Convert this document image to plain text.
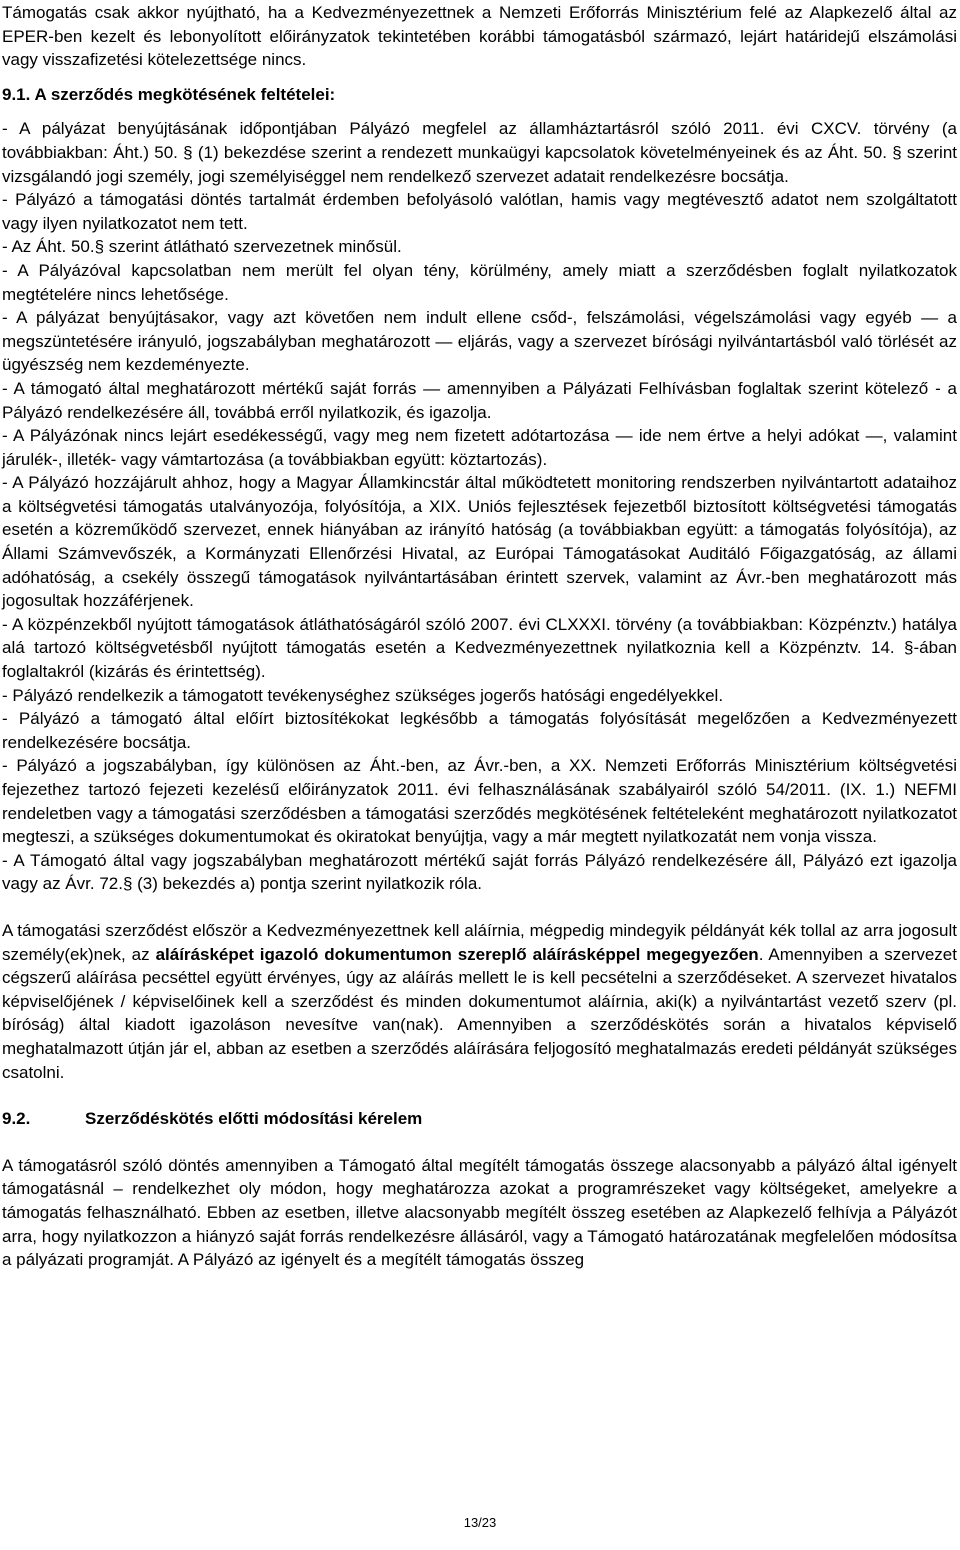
Támogatás csak akkor nyújtható, ha a Kedvezményezettnek a Nemzeti Erőforrás Minisztérium felé az Alapkezelő által az EPER-ben kezelt és lebonyolított előirányzatok tekintetében korábbi támogatásból származó, lejárt határidejű elszámolási vagy visszafizetési kötelezettsége nincs.

9.1. A szerződés megkötésének feltételei:

- A pályázat benyújtásának időpontjában Pályázó megfelel az államháztartásról szóló 2011. évi CXCV. törvény (a továbbiakban: Áht.) 50. § (1) bekezdése szerint a rendezett munkaügyi kapcsolatok követelményeinek és az Áht. 50. § szerint vizsgálandó jogi személy, jogi személyiséggel nem rendelkező szervezet adatait rendelkezésre bocsátja.

- Pályázó a támogatási döntés tartalmát érdemben befolyásoló valótlan, hamis vagy megtévesztő adatot nem szolgáltatott vagy ilyen nyilatkozatot nem tett.

- Az Áht. 50.§ szerint átlátható szervezetnek minősül.

- A Pályázóval kapcsolatban nem merült fel olyan tény, körülmény, amely miatt a szerződésben foglalt nyilatkozatok megtételére nincs lehetősége.

- A pályázat benyújtásakor, vagy azt követően nem indult ellene csőd-, felszámolási, végelszámolási vagy egyéb — a megszüntetésére irányuló, jogszabályban meghatározott — eljárás, vagy a szervezet bírósági nyilvántartásból való törlését az ügyészség nem kezdeményezte.

- A támogató által meghatározott mértékű saját forrás — amennyiben a Pályázati Felhívásban foglaltak szerint kötelező - a Pályázó rendelkezésére áll, továbbá erről nyilatkozik, és igazolja.

- A Pályázónak nincs lejárt esedékességű, vagy meg nem fizetett adótartozása — ide nem értve a helyi adókat —, valamint járulék-, illeték- vagy vámtartozása (a továbbiakban együtt: köztartozás).

- A Pályázó hozzájárult ahhoz, hogy a Magyar Államkincstár által működtetett monitoring rendszerben nyilvántartott adataihoz a költségvetési támogatás utalványozója, folyósítója, a XIX. Uniós fejlesztések fejezetből biztosított költségvetési támogatás esetén a közreműködő szervezet, ennek hiányában az irányító hatóság (a továbbiakban együtt: a támogatás folyósítója), az Állami Számvevőszék, a Kormányzati Ellenőrzési Hivatal, az Európai Támogatásokat Auditáló Főigazgatóság, az állami adóhatóság, a csekély összegű támogatások nyilvántartásában érintett szervek, valamint az Ávr.-ben meghatározott más jogosultak hozzáférjenek.

- A közpénzekből nyújtott támogatások átláthatóságáról szóló 2007. évi CLXXXI. törvény (a továbbiakban: Közpénztv.) hatálya alá tartozó költségvetésből nyújtott támogatás esetén a Kedvezményezettnek nyilatkoznia kell a Közpénztv. 14. §-ában foglaltakról (kizárás és érintettség).

- Pályázó rendelkezik a támogatott tevékenységhez szükséges jogerős hatósági engedélyekkel.

- Pályázó a támogató által előírt biztosítékokat legkésőbb a támogatás folyósítását megelőzően a Kedvezményezett rendelkezésére bocsátja.

- Pályázó a jogszabályban, így különösen az Áht.-ben, az Ávr.-ben, a XX. Nemzeti Erőforrás Minisztérium költségvetési fejezethez tartozó fejezeti kezelésű előirányzatok 2011. évi felhasználásának szabályairól szóló 54/2011. (IX. 1.) NEFMI rendeletben vagy a támogatási szerződésben a támogatási szerződés megkötésének feltételeként meghatározott nyilatkozatot megteszi, a szükséges dokumentumokat és okiratokat benyújtja, vagy a már megtett nyilatkozatát nem vonja vissza.

- A Támogató által vagy jogszabályban meghatározott mértékű saját forrás Pályázó rendelkezésére áll, Pályázó ezt igazolja vagy az Ávr. 72.§ (3) bekezdés a) pontja szerint nyilatkozik róla.

A támogatási szerződést először a Kedvezményezettnek kell aláírnia, mégpedig mindegyik példányát kék tollal az arra jogosult személy(ek)nek, az aláírásképet igazoló dokumentumon szereplő aláírásképpel megegyezően. Amennyiben a szervezet cégszerű aláírása pecséttel együtt érvényes, úgy az aláírás mellett le is kell pecsételni a szerződéseket. A szervezet hivatalos képviselőjének / képviselőinek kell a szerződést és minden dokumentumot aláírnia, aki(k) a nyilvántartást vezető szerv (pl. bíróság) által kiadott igazoláson nevesítve van(nak). Amennyiben a szerződéskötés során a hivatalos képviselő meghatalmazott útján jár el, abban az esetben a szerződés aláírására feljogosító meghatalmazás eredeti példányát szükséges csatolni.

9.2.	Szerződéskötés előtti módosítási kérelem

A támogatásról szóló döntés amennyiben a Támogató által megítélt támogatás összege alacsonyabb a pályázó által igényelt támogatásnál – rendelkezhet oly módon, hogy meghatározza azokat a programrészeket vagy költségeket, amelyekre a támogatás felhasználható. Ebben az esetben, illetve alacsonyabb megítélt összeg esetében az Alapkezelő felhívja a Pályázót arra, hogy nyilatkozzon a hiányzó saját forrás rendelkezésre állásáról, vagy a Támogató határozatának megfelelően módosítsa a pályázati programját. A Pályázó az igényelt és a megítélt támogatás összeg

13/23
